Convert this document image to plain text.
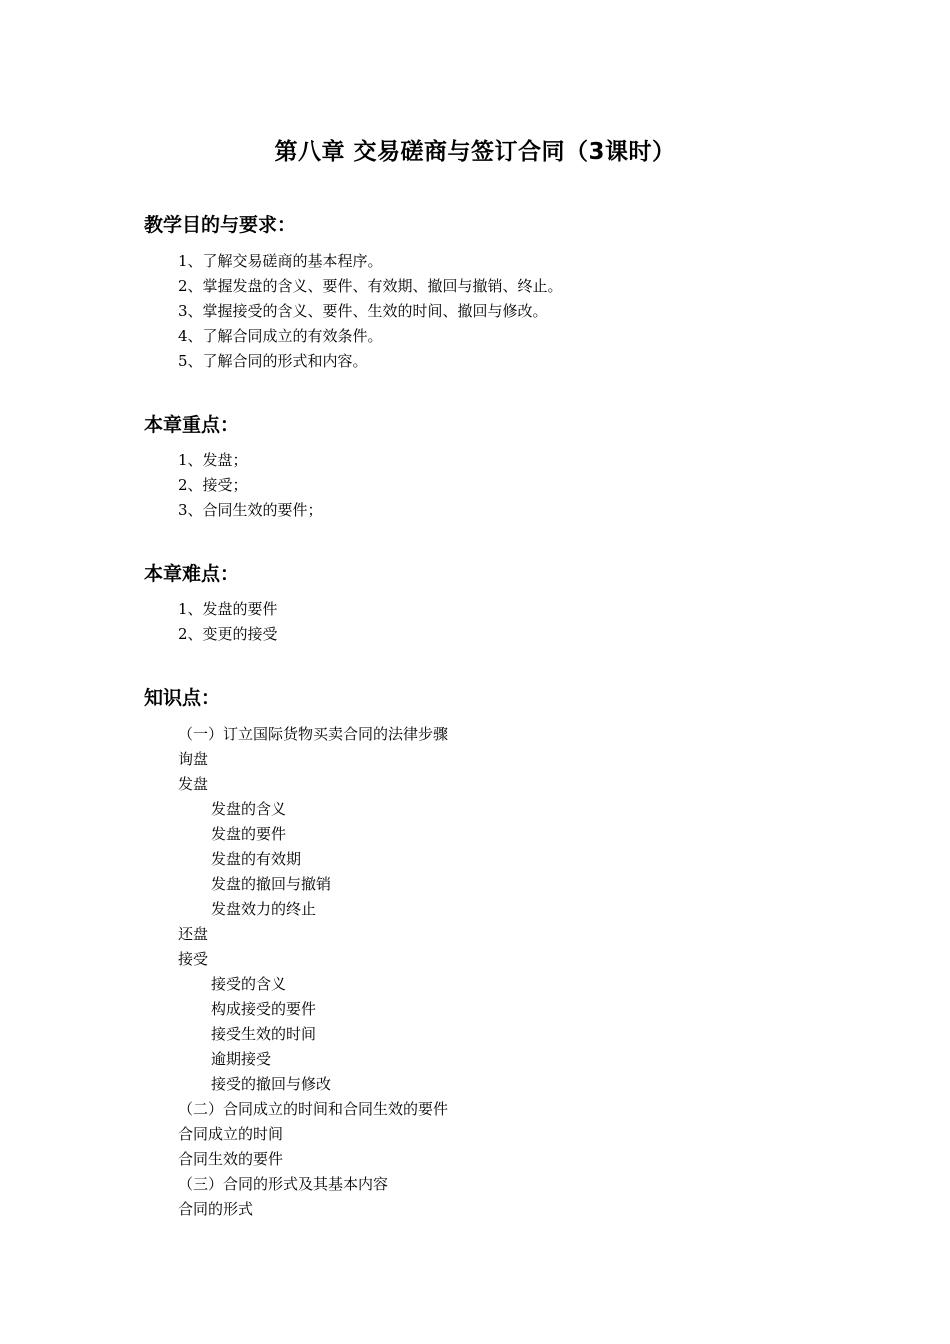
第八章 交易磋商与签订合同（3课时）
教学目的与要求：
1、了解交易磋商的基本程序。
2、掌握发盘的含义、要件、有效期、撤回与撤销、终止。
3、掌握接受的含义、要件、生效的时间、撤回与修改。
4、了解合同成立的有效条件。
5、了解合同的形式和内容。
本章重点：
1、发盘；
2、接受；
3、合同生效的要件；
本章难点：
1、发盘的要件
2、变更的接受
知识点：
（一）订立国际货物买卖合同的法律步骤
询盘
发盘
发盘的含义
发盘的要件
发盘的有效期
发盘的撤回与撤销
发盘效力的终止
还盘
接受
接受的含义
构成接受的要件
接受生效的时间
逾期接受
接受的撤回与修改
（二）合同成立的时间和合同生效的要件
合同成立的时间
合同生效的要件
（三）合同的形式及其基本内容
合同的形式
